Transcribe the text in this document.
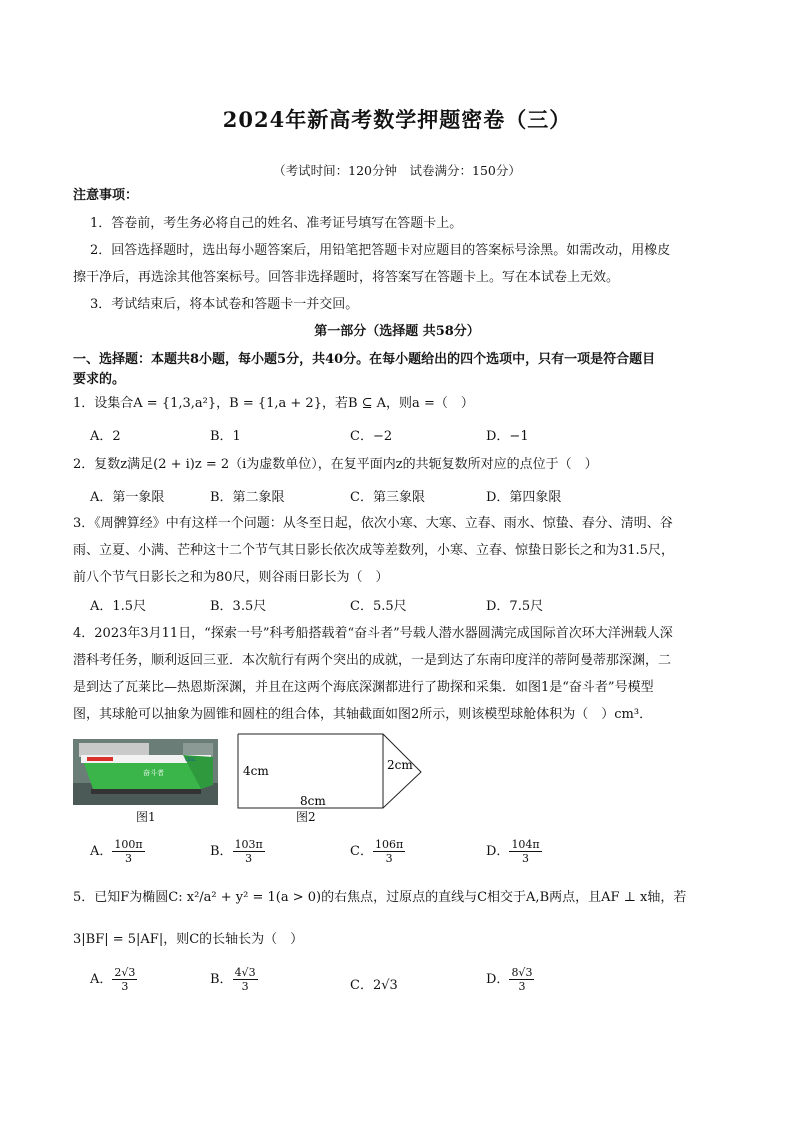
2024年新高考数学押题密卷（三）
（考试时间：120分钟　试卷满分：150分）
注意事项：
1．答卷前，考生务必将自己的姓名、准考证号填写在答题卡上。
2．回答选择题时，选出每小题答案后，用铅笔把答题卡对应题目的答案标号涂黑。如需改动，用橡皮
擦干净后，再选涂其他答案标号。回答非选择题时，将答案写在答题卡上。写在本试卷上无效。
3．考试结束后，将本试卷和答题卡一并交回。
第一部分（选择题 共58分）
一、选择题：本题共8小题，每小题5分，共40分。在每小题给出的四个选项中，只有一项是符合题目
要求的。
1．设集合A = {1,3,a²}，B = {1,a + 2}，若B ⊆ A，则a =（　）
A．2	B．1	C．−2	D．−1
2．复数z满足(2 + i)z = 2（i为虚数单位），在复平面内z的共轭复数所对应的点位于（　）
A．第一象限	B．第二象限	C．第三象限	D．第四象限
3．《周髀算经》中有这样一个问题：从冬至日起，依次小寒、大寒、立春、雨水、惊蛰、春分、清明、谷
雨、立夏、小满、芒种这十二个节气其日影长依次成等差数列，小寒、立春、惊蛰日影长之和为31.5尺，
前八个节气日影长之和为80尺，则谷雨日影长为（　）
A．1.5尺	B．3.5尺	C．5.5尺	D．7.5尺
4．2023年3月11日，“探索一号”科考船搭载着“奋斗者”号载人潜水器圆满完成国际首次环大洋洲载人深
潜科考任务，顺利返回三亚．本次航行有两个突出的成就，一是到达了东南印度洋的蒂阿曼蒂那深渊，二
是到达了瓦莱比—热恩斯深渊，并且在这两个海底深渊都进行了勘探和采集．如图1是“奋斗者”号模型
图，其球舱可以抽象为圆锥和圆柱的组合体，其轴截面如图2所示，则该模型球舱体积为（　）cm³．
奋斗者
CSSC
4cm	2cm
8cm
图1	图2
A． $\frac{100\pi}{3}$	B． $\frac{103\pi}{3}$	C． $\frac{106\pi}{3}$	D． $\frac{104\pi}{3}$
5．已知F为椭圆C: x²/a² + y² = 1(a > 0)的右焦点，过原点的直线与C相交于A,B两点，且AF ⊥ x轴，若
3|BF| = 5|AF|，则C的长轴长为（　）
A． $\frac{2√3}{3}$	B． $\frac{4√3}{3}$	C．2√3	D． $\frac{8√3}{3}$
